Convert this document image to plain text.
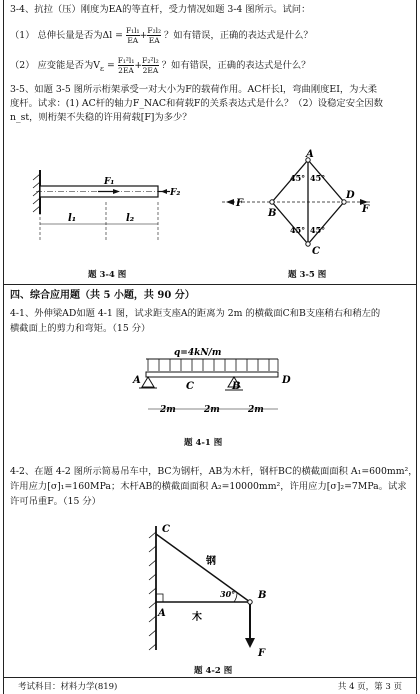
3-4、抗拉（压）刚度为EA的等直杆，受力情况如题 3-4 图所示。试问：
（1） 总伸长量是否为$\Delta l = \frac{\text{F₁l₁}}{EA} + \frac{\text{F₂l₂}}{EA}$ ？如有错误，正确的表达式是什么？
（2） 应变能是否为$V_\varepsilon = \frac{\text{F₁²l₁}}{2EA} + \frac{\text{F₂²l₂}}{2EA}$ ？如有错误，正确的表达式是什么？
3-5、如题 3-5 图所示桁架承受一对大小为F的载荷作用。AC杆长l，弯曲刚度EI，为大柔
度杆。试求：(1) AC杆的轴力F_NAC和荷载F的关系表达式是什么？（2）设稳定安全因数
n_st，则桁架不失稳的许用荷载[F]为多少？
F₁
F₂
l₁	l₂
题 3-4 图
A
B
C
D
F
F
45° 45°
45° 45°
题 3-5 图
四、综合应用题（共 5 小题，共 90 分）
4-1、外伸梁AD如题 4-1 图，试求距支座A的距离为 2m 的横截面C和B支座稍右和稍左的
横截面上的剪力和弯矩。（15 分）
q=4kN/m
A
C	B
D
2m	2m	2m
题 4-1 图
4-2、在题 4-2 图所示简易吊车中，BC为钢杆，AB为木杆，钢杆BC的横截面面积 A₁=600mm²，
许用应力[σ]₁=160MPa；木杆AB的横截面面积 A₂=10000mm²，许用应力[σ]₂=7MPa。试求
许可吊重F。（15 分）
C
B
A
F
钢
木
30°
题 4-2 图
考试科目：材料力学(819)	共 4 页，第 3 页
